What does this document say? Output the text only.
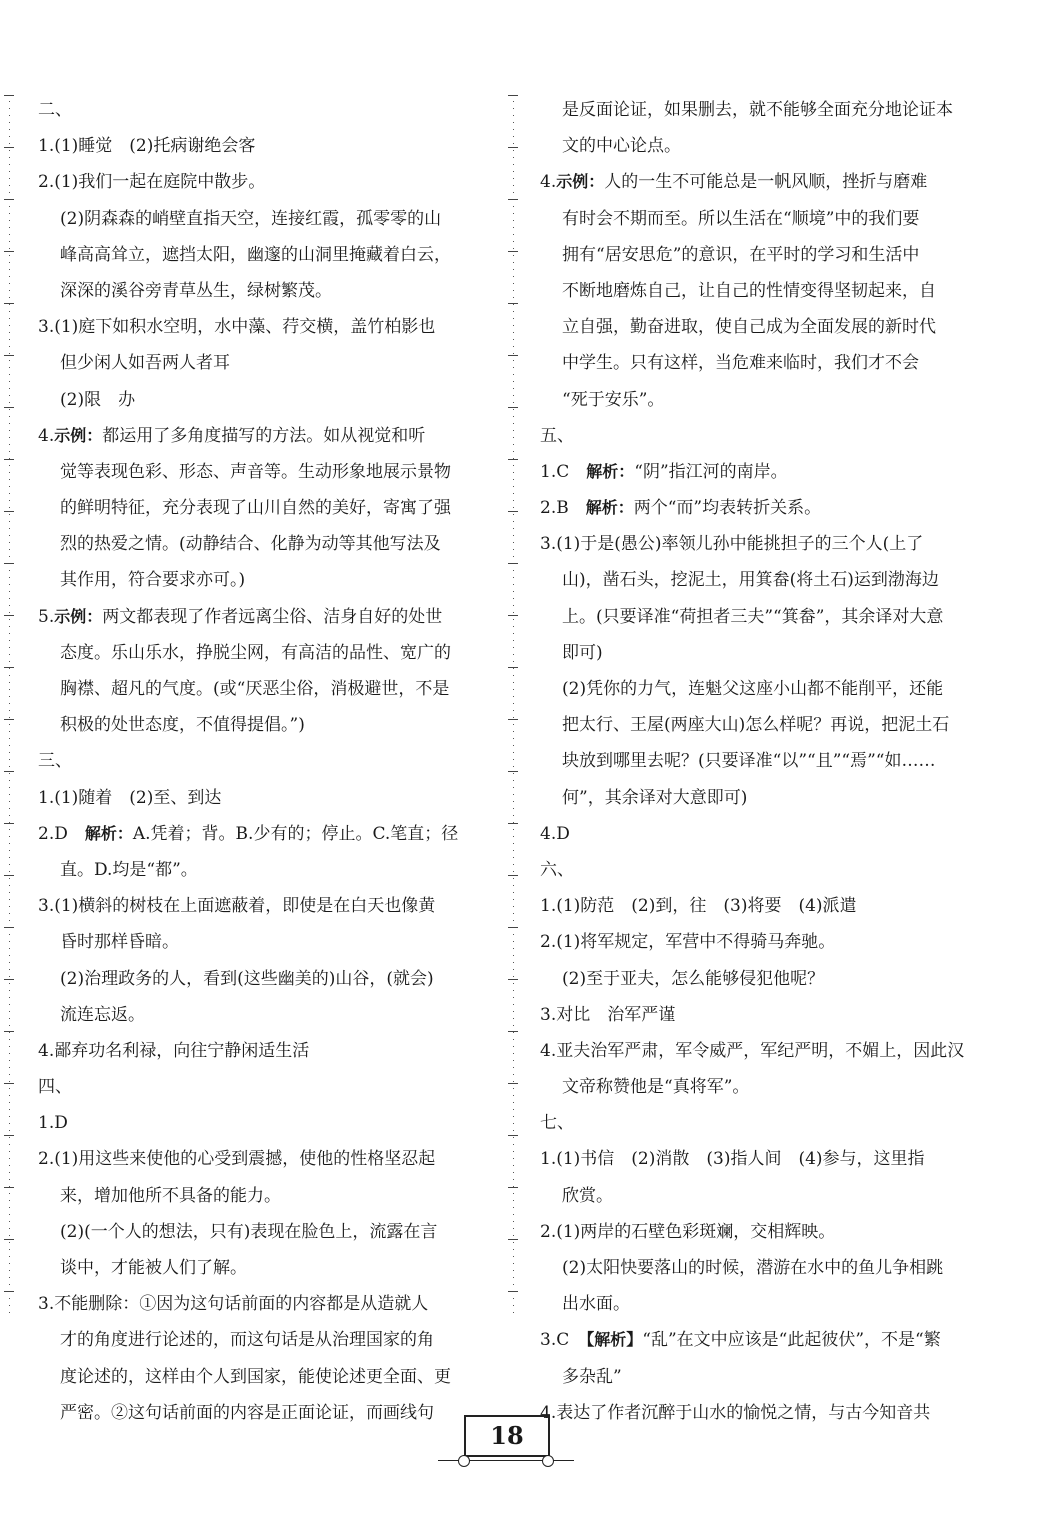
二、
1.(1)睡觉　(2)托病谢绝会客
2.(1)我们一起在庭院中散步。
(2)阴森森的峭壁直指天空，连接红霞，孤零零的山
峰高高耸立，遮挡太阳，幽邃的山洞里掩藏着白云，
深深的溪谷旁青草丛生，绿树繁茂。
3.(1)庭下如积水空明，水中藻、荇交横，盖竹柏影也
但少闲人如吾两人者耳
(2)限　办
4.示例：都运用了多角度描写的方法。如从视觉和听
觉等表现色彩、形态、声音等。生动形象地展示景物
的鲜明特征，充分表现了山川自然的美好，寄寓了强
烈的热爱之情。(动静结合、化静为动等其他写法及
其作用，符合要求亦可。)
5.示例：两文都表现了作者远离尘俗、洁身自好的处世
态度。乐山乐水，挣脱尘网，有高洁的品性、宽广的
胸襟、超凡的气度。(或“厌恶尘俗，消极避世，不是
积极的处世态度，不值得提倡。”)
三、
1.(1)随着　(2)至、到达
2.D　解析：A.凭着；背。B.少有的；停止。C.笔直；径
直。D.均是“都”。
3.(1)横斜的树枝在上面遮蔽着，即使是在白天也像黄
昏时那样昏暗。
(2)治理政务的人，看到(这些幽美的)山谷，(就会)
流连忘返。
4.鄙弃功名利禄，向往宁静闲适生活
四、
1.D
2.(1)用这些来使他的心受到震撼，使他的性格坚忍起
来，增加他所不具备的能力。
(2)(一个人的想法，只有)表现在脸色上，流露在言
谈中，才能被人们了解。
3.不能删除：①因为这句话前面的内容都是从造就人
才的角度进行论述的，而这句话是从治理国家的角
度论述的，这样由个人到国家，能使论述更全面、更
严密。②这句话前面的内容是正面论证，而画线句
是反面论证，如果删去，就不能够全面充分地论证本
文的中心论点。
4.示例：人的一生不可能总是一帆风顺，挫折与磨难
有时会不期而至。所以生活在“顺境”中的我们要
拥有“居安思危”的意识，在平时的学习和生活中
不断地磨炼自己，让自己的性情变得坚韧起来，自
立自强，勤奋进取，使自己成为全面发展的新时代
中学生。只有这样，当危难来临时，我们才不会
“死于安乐”。
五、
1.C　解析：“阴”指江河的南岸。
2.B　解析：两个“而”均表转折关系。
3.(1)于是(愚公)率领儿孙中能挑担子的三个人(上了
山)，凿石头，挖泥土，用箕畚(将土石)运到渤海边
上。(只要译准“荷担者三夫”“箕畚”，其余译对大意
即可)
(2)凭你的力气，连魁父这座小山都不能削平，还能
把太行、王屋(两座大山)怎么样呢？再说，把泥土石
块放到哪里去呢？(只要译准“以”“且”“焉”“如……
何”，其余译对大意即可)
4.D
六、
1.(1)防范　(2)到，往　(3)将要　(4)派遣
2.(1)将军规定，军营中不得骑马奔驰。
(2)至于亚夫，怎么能够侵犯他呢？
3.对比　治军严谨
4.亚夫治军严肃，军令威严，军纪严明，不媚上，因此汉
文帝称赞他是“真将军”。
七、
1.(1)书信　(2)消散　(3)指人间　(4)参与，这里指
欣赏。
2.(1)两岸的石壁色彩斑斓，交相辉映。
(2)太阳快要落山的时候，潜游在水中的鱼儿争相跳
出水面。
3.C　【解析】“乱”在文中应该是“此起彼伏”，不是“繁
多杂乱”
4.表达了作者沉醉于山水的愉悦之情，与古今知音共
18
